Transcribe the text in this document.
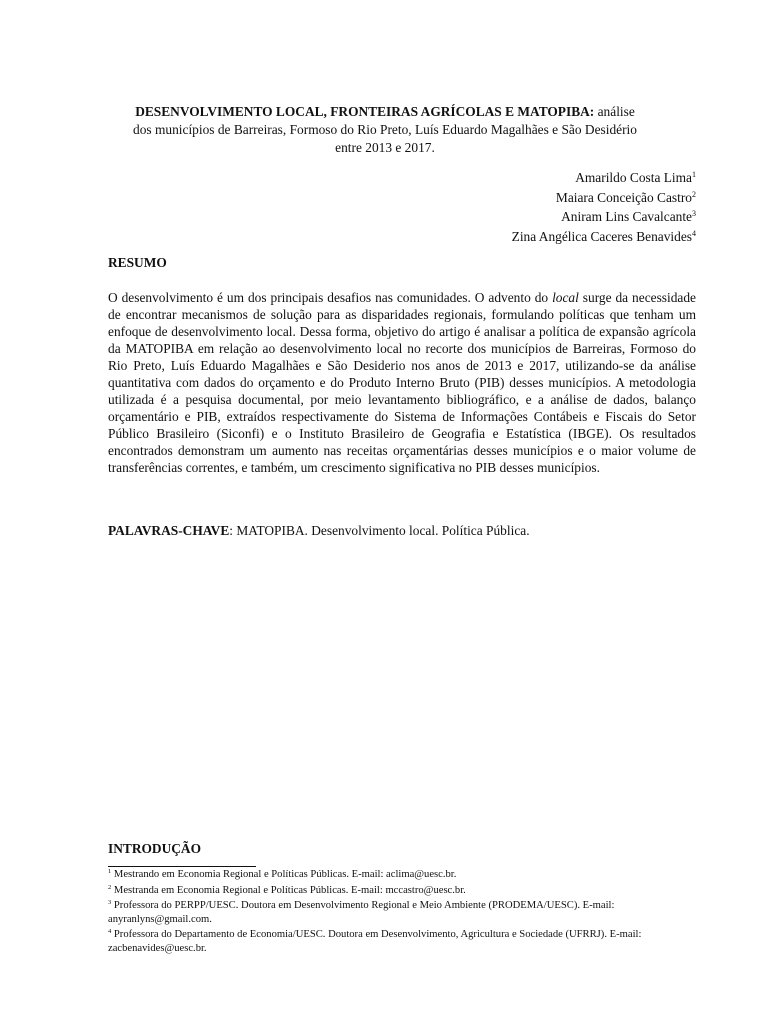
DESENVOLVIMENTO LOCAL, FRONTEIRAS AGRÍCOLAS E MATOPIBA: análise
dos municípios de Barreiras, Formoso do Rio Preto, Luís Eduardo Magalhães e São Desidério
entre 2013 e 2017.
Amarildo Costa Lima$^1$
Maiara Conceição Castro$^2$
Aniram Lins Cavalcante$^3$
Zina Angélica Caceres Benavides$^4$
RESUMO

O desenvolvimento é um dos principais desafios nas comunidades. O advento do local surge da necessidade de encontrar mecanismos de solução para as disparidades regionais, formulando políticas que tenham um enfoque de desenvolvimento local. Dessa forma, objetivo do artigo é analisar a política de expansão agrícola da MATOPIBA em relação ao desenvolvimento local no recorte dos municípios de Barreiras, Formoso do Rio Preto, Luís Eduardo Magalhães e São Desiderio nos anos de 2013 e 2017, utilizando-se da análise quantitativa com dados do orçamento e do Produto Interno Bruto (PIB) desses municípios. A metodologia utilizada é a pesquisa documental, por meio levantamento bibliográfico, e a análise de dados, balanço orçamentário e PIB, extraídos respectivamente do Sistema de Informações Contábeis e Fiscais do Setor Público Brasileiro (Siconfi) e o Instituto Brasileiro de Geografia e Estatística (IBGE). Os resultados encontrados demonstram um aumento nas receitas orçamentárias desses municípios e o maior volume de transferências correntes, e também, um crescimento significativa no PIB desses municípios.

PALAVRAS-CHAVE: MATOPIBA. Desenvolvimento local. Política Pública.
INTRODUÇÃO
$^1$ Mestrando em Economia Regional e Políticas Públicas. E-mail: aclima@uesc.br.
$^2$ Mestranda em Economia Regional e Políticas Públicas. E-mail: mccastro@uesc.br.
$^3$ Professora do PERPP/UESC. Doutora em Desenvolvimento Regional e Meio Ambiente (PRODEMA/UESC). E-mail: anyranlyns@gmail.com.
$^4$ Professora do Departamento de Economia/UESC. Doutora em Desenvolvimento, Agricultura e Sociedade (UFRRJ). E-mail: zacbenavides@uesc.br.
